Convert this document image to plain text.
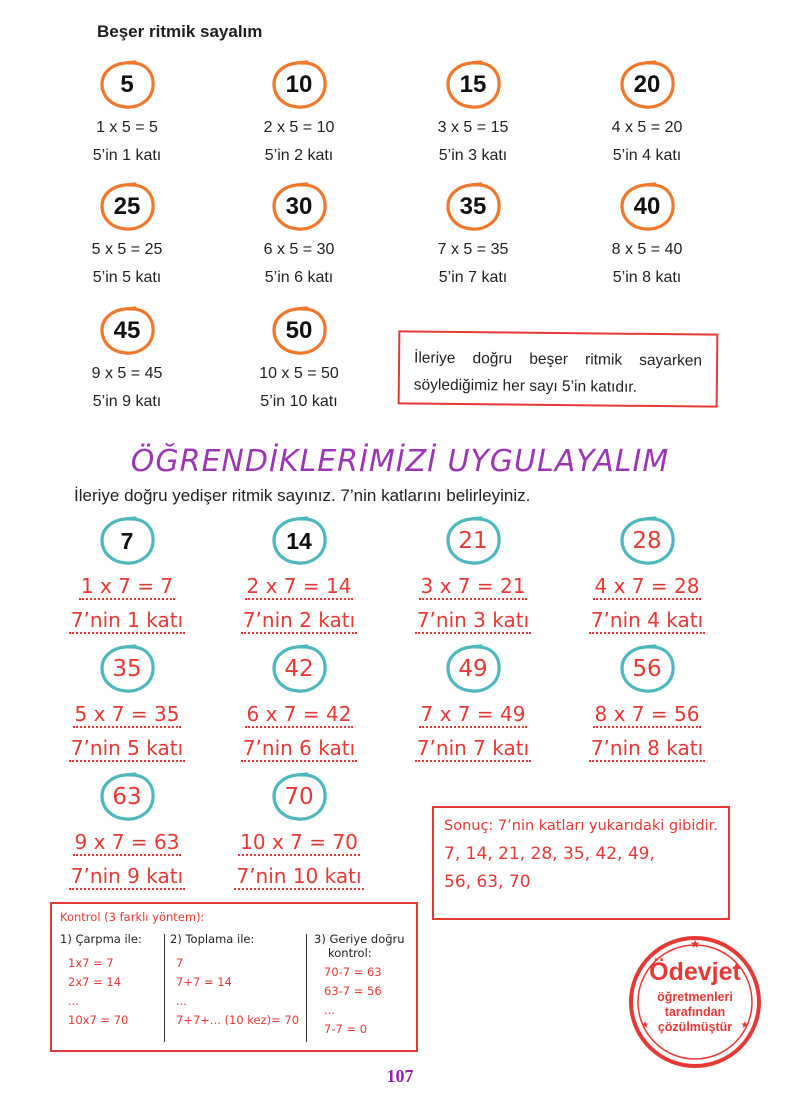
Beşer ritmik sayalım
5
1 x 5 = 5
5’in 1 katı
10
2 x 5 = 10
5’in 2 katı
15
3 x 5 = 15
5’in 3 katı
20
4 x 5 = 20
5’in 4 katı
25
5 x 5 = 25
5’in 5 katı
30
6 x 5 = 30
5’in 6 katı
35
7 x 5 = 35
5’in 7 katı
40
8 x 5 = 40
5’in 8 katı
45
9 x 5 = 45
5’in 9 katı
50
10 x 5 = 50
5’in 10 katı
İleriye doğru beşer ritmik sayarken söylediğimiz her sayı 5’in katıdır.
ÖĞRENDİKLERİMİZİ UYGULAYALIM
İleriye doğru yedişer ritmik sayınız. 7’nin katlarını belirleyiniz.
7
1 x 7 = 7
7’nin 1 katı
14
2 x 7 = 14
7’nin 2 katı
21
3 x 7 = 21
7’nin 3 katı
28
4 x 7 = 28
7’nin 4 katı
35
5 x 7 = 35
7’nin 5 katı
42
6 x 7 = 42
7’nin 6 katı
49
7 x 7 = 49
7’nin 7 katı
56
8 x 7 = 56
7’nin 8 katı
63
9 x 7 = 63
7’nin 9 katı
70
10 x 7 = 70
7’nin 10 katı
Sonuç: 7’nin katları yukarıdaki gibidir.
7, 14, 21, 28, 35, 42, 49,
56, 63, 70
Kontrol (3 farklı yöntem):
1) Çarpma ile:
1x7 = 7
2x7 = 14
...
10x7 = 70
2) Toplama ile:
7
7+7 = 14
...
7+7+... (10 kez)= 70
3) Geriye doğru
kontrol:
70-7 = 63
63-7 = 56
...
7-7 = 0
★
★	★
Ödevjet
öğretmenleri
tarafından
çözülmüştür
107
